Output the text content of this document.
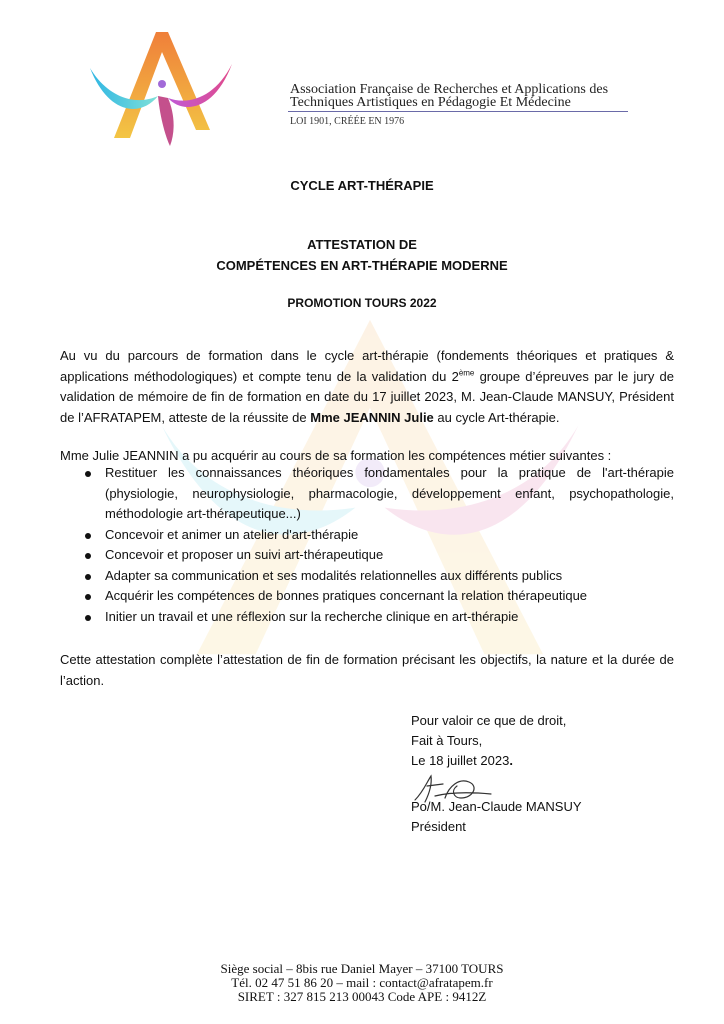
Association Française de Recherches et Applications des
Techniques Artistiques en Pédagogie Et Médecine
LOI 1901, CRÉÉE EN 1976
CYCLE ART-THÉRAPIE
ATTESTATION DE
COMPÉTENCES EN ART-THÉRAPIE MODERNE
PROMOTION TOURS 2022
Au vu du parcours de formation dans le cycle art-thérapie (fondements théoriques et pratiques & applications méthodologiques) et compte tenu de la validation du 2ème groupe d’épreuves par le jury de validation de mémoire de fin de formation en date du 17 juillet 2023, M. Jean-Claude MANSUY, Président de l’AFRATAPEM, atteste de la réussite de Mme JEANNIN Julie au cycle Art-thérapie.
Mme Julie JEANNIN a pu acquérir au cours de sa formation les compétences métier suivantes :
Restituer les connaissances théoriques fondamentales pour la pratique de l'art-thérapie (physiologie, neurophysiologie, pharmacologie, développement enfant, psychopathologie, méthodologie art-thérapeutique...)
Concevoir et animer un atelier d'art-thérapie
Concevoir et proposer un suivi art-thérapeutique
Adapter sa communication et ses modalités relationnelles aux différents publics
Acquérir les compétences de bonnes pratiques concernant la relation thérapeutique
Initier un travail et une réflexion sur la recherche clinique en art-thérapie
Cette attestation complète l’attestation de fin de formation précisant les objectifs, la nature et la durée de l’action.
Pour valoir ce que de droit,
Fait à Tours,
Le 18 juillet 2023.
Po/M. Jean-Claude MANSUY
Président
Siège social – 8bis rue Daniel Mayer – 37100 TOURS
Tél. 02 47 51 86 20 – mail : contact@afratapem.fr
SIRET : 327 815 213 00043 Code APE : 9412Z
